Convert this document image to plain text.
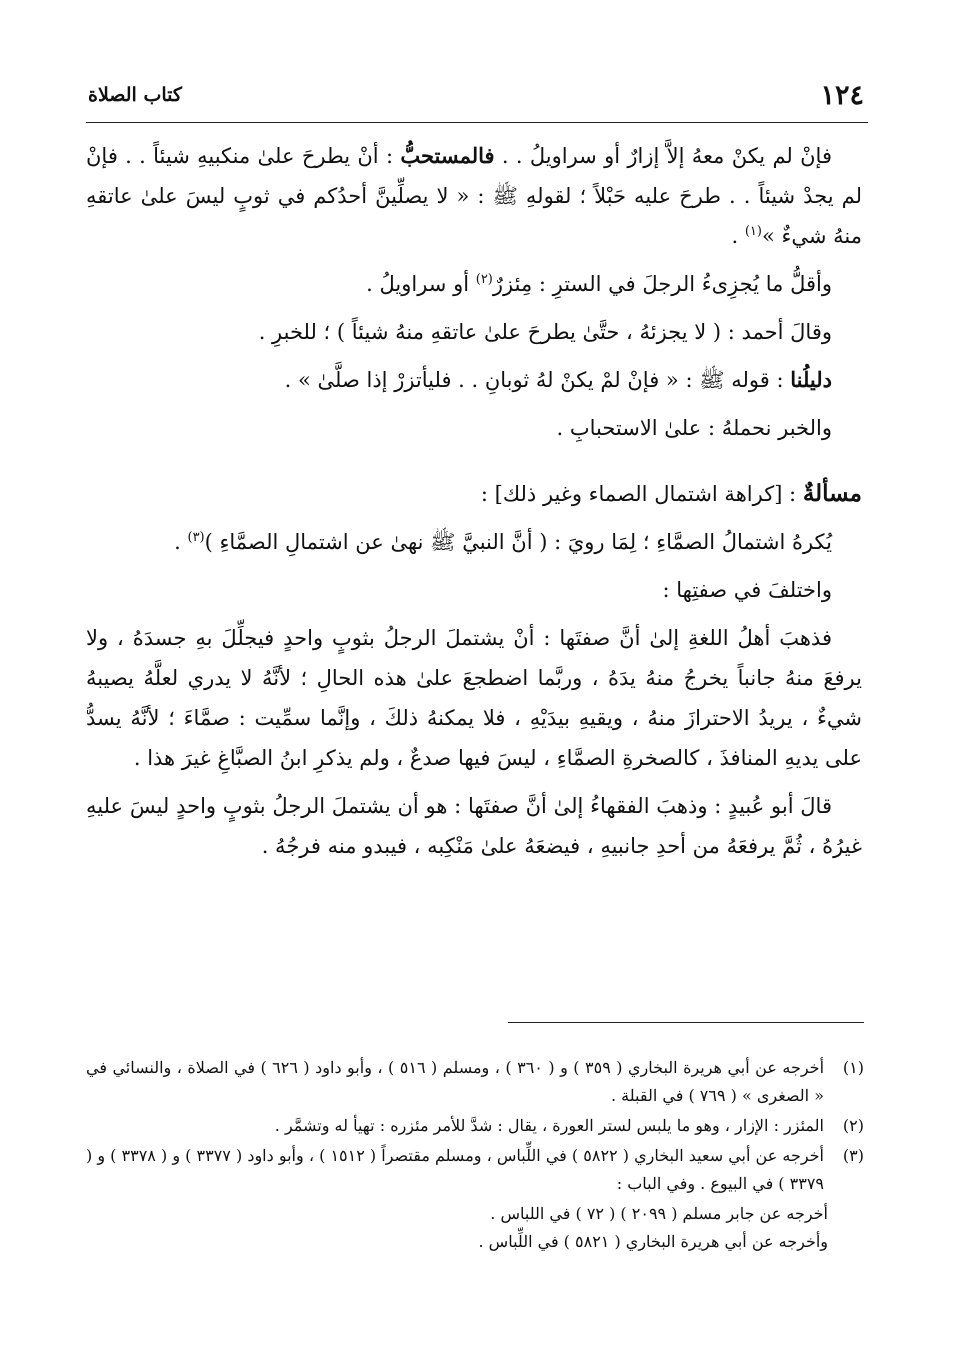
١٢٤
كتاب الصلاة

فإنْ لم يكنْ معهُ إلاَّ إزارٌ أو سراويلُ . . فالمستحبُّ : أنْ يطرحَ علىٰ منكبيهِ شيئاً . . فإنْ لم يجدْ شيئاً . . طرحَ عليه حَبْلاً ؛ لقولهِ ﷺ : « لا يصلِّينَّ أحدُكم في ثوبٍ ليسَ علىٰ عاتقهِ منهُ شيءٌ »$^{(١)}$ .

وأقلُّ ما يُجزِىءُ الرجلَ في السترِ : مِئزرٌ$^{(٢)}$ أو سراويلُ .

وقالَ أحمد : ( لا يجزئهُ ، حتَّىٰ يطرحَ علىٰ عاتقهِ منهُ شيئاً ) ؛ للخبرِ .

دليلُنا : قوله ﷺ : « فإنْ لمْ يكنْ لهُ ثوبانِ . . فليأتزرْ إذا صلَّىٰ » .

والخبر نحملهُ : علىٰ الاستحبابِ .

مسألةٌ : [كراهة اشتمال الصماء وغير ذلك] :

يُكرهُ اشتمالُ الصمَّاءِ ؛ لِمَا رويَ : ( أنَّ النبيَّ ﷺ نهىٰ عن اشتمالِ الصمَّاءِ )$^{(٣)}$ .

واختلفَ في صفتِها :

فذهبَ أهلُ اللغةِ إلىٰ أنَّ صفتَها : أنْ يشتملَ الرجلُ بثوبٍ واحدٍ فيجلِّلَ بهِ جسدَهُ ، ولا يرفعَ منهُ جانباً يخرجُ منهُ يدَهُ ، وربَّما اضطجعَ علىٰ هذه الحالِ ؛ لأنَّهُ لا يدري لعلَّهُ يصيبهُ شيءٌ ، يريدُ الاحترازَ منهُ ، ويقيهِ بيدَيْهِ ، فلا يمكنهُ ذلكَ ، وإنَّما سمِّيت : صمَّاءَ ؛ لأنَّهُ يسدُّ على يديهِ المنافذَ ، كالصخرةِ الصمَّاءِ ، ليسَ فيها صدعٌ ، ولم يذكرِ ابنُ الصبَّاغِ غيرَ هذا .

قالَ أبو عُبيدٍ : وذهبَ الفقهاءُ إلىٰ أنَّ صفتَها : هو أن يشتملَ الرجلُ بثوبٍ واحدٍ ليسَ عليهِ غيرُهُ ، ثُمَّ يرفعَهُ من أحدِ جانبيهِ ، فيضعَهُ علىٰ مَنْكِبه ، فيبدو منه فرجُهُ .

(١)
أخرجه عن أبي هريرة البخاري ( ٣٥٩ ) و ( ٣٦٠ ) ، ومسلم ( ٥١٦ ) ، وأبو داود ( ٦٢٦ ) في الصلاة ، والنسائي في « الصغرى » ( ٧٦٩ ) في القبلة .
(٢)
المئزر : الإزار ، وهو ما يلبس لستر العورة ، يقال : شدَّ للأمر مئزره : تهيأ له وتشمَّر .
(٣)
أخرجه عن أبي سعيد البخاري ( ٥٨٢٢ ) في اللِّباس ، ومسلم مقتصراً ( ١٥١٢ ) ، وأبو داود ( ٣٣٧٧ ) و ( ٣٣٧٨ ) و ( ٣٣٧٩ ) في البيوع . وفي الباب :
أخرجه عن جابر مسلم ( ٢٠٩٩ ) ( ٧٢ ) في اللباس .
وأخرجه عن أبي هريرة البخاري ( ٥٨٢١ ) في اللِّباس .
